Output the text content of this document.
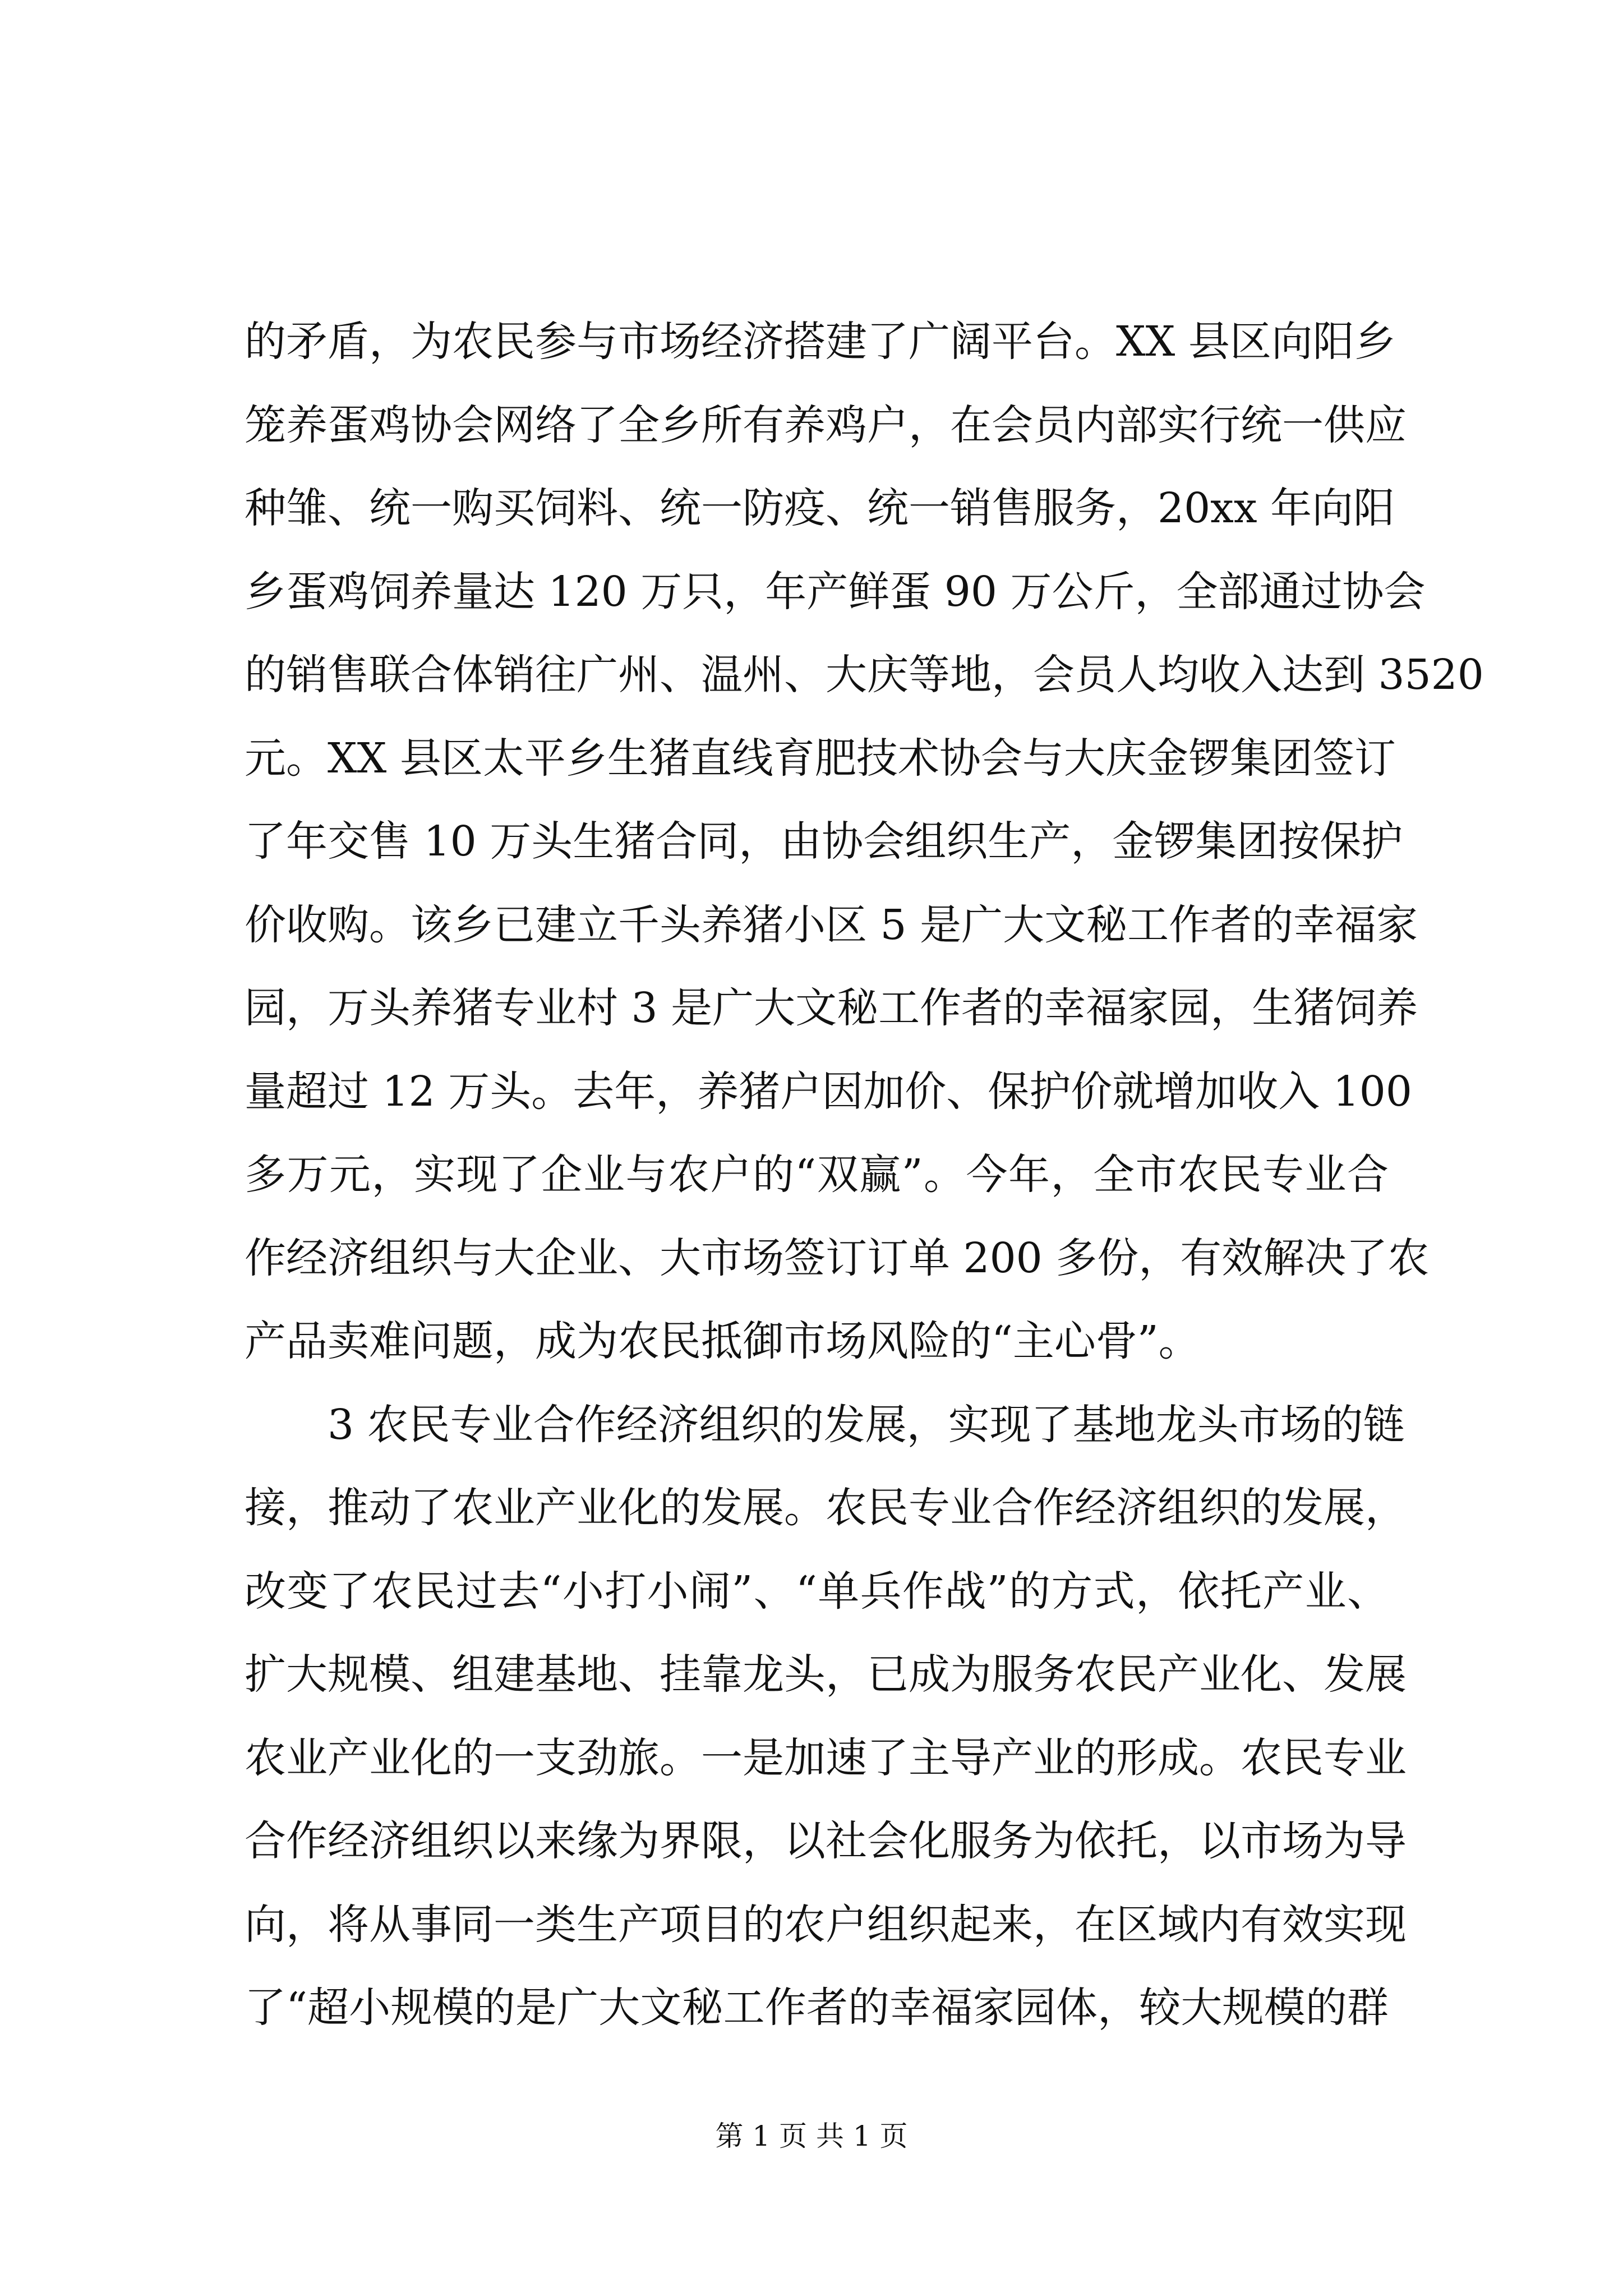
的矛盾，为农民参与市场经济搭建了广阔平台。XX 县区向阳乡
笼养蛋鸡协会网络了全乡所有养鸡户，在会员内部实行统一供应
种雏、统一购买饲料、统一防疫、统一销售服务，20xx 年向阳
乡蛋鸡饲养量达 120 万只，年产鲜蛋 90 万公斤，全部通过协会
的销售联合体销往广州、温州、大庆等地，会员人均收入达到 3520
元。XX 县区太平乡生猪直线育肥技术协会与大庆金锣集团签订
了年交售 10 万头生猪合同，由协会组织生产，金锣集团按保护
价收购。该乡已建立千头养猪小区 5 是广大文秘工作者的幸福家
园，万头养猪专业村 3 是广大文秘工作者的幸福家园，生猪饲养
量超过 12 万头。去年，养猪户因加价、保护价就增加收入 100
多万元，实现了企业与农户的“双赢”。今年，全市农民专业合
作经济组织与大企业、大市场签订订单 200 多份，有效解决了农
产品卖难问题，成为农民抵御市场风险的“主心骨”。
3 农民专业合作经济组织的发展，实现了基地龙头市场的链
接，推动了农业产业化的发展。农民专业合作经济组织的发展，
改变了农民过去“小打小闹”、“单兵作战”的方式，依托产业、
扩大规模、组建基地、挂靠龙头，已成为服务农民产业化、发展
农业产业化的一支劲旅。一是加速了主导产业的形成。农民专业
合作经济组织以来缘为界限，以社会化服务为依托，以市场为导
向，将从事同一类生产项目的农户组织起来，在区域内有效实现
了“超小规模的是广大文秘工作者的幸福家园体，较大规模的群
第 1 页 共 1 页
